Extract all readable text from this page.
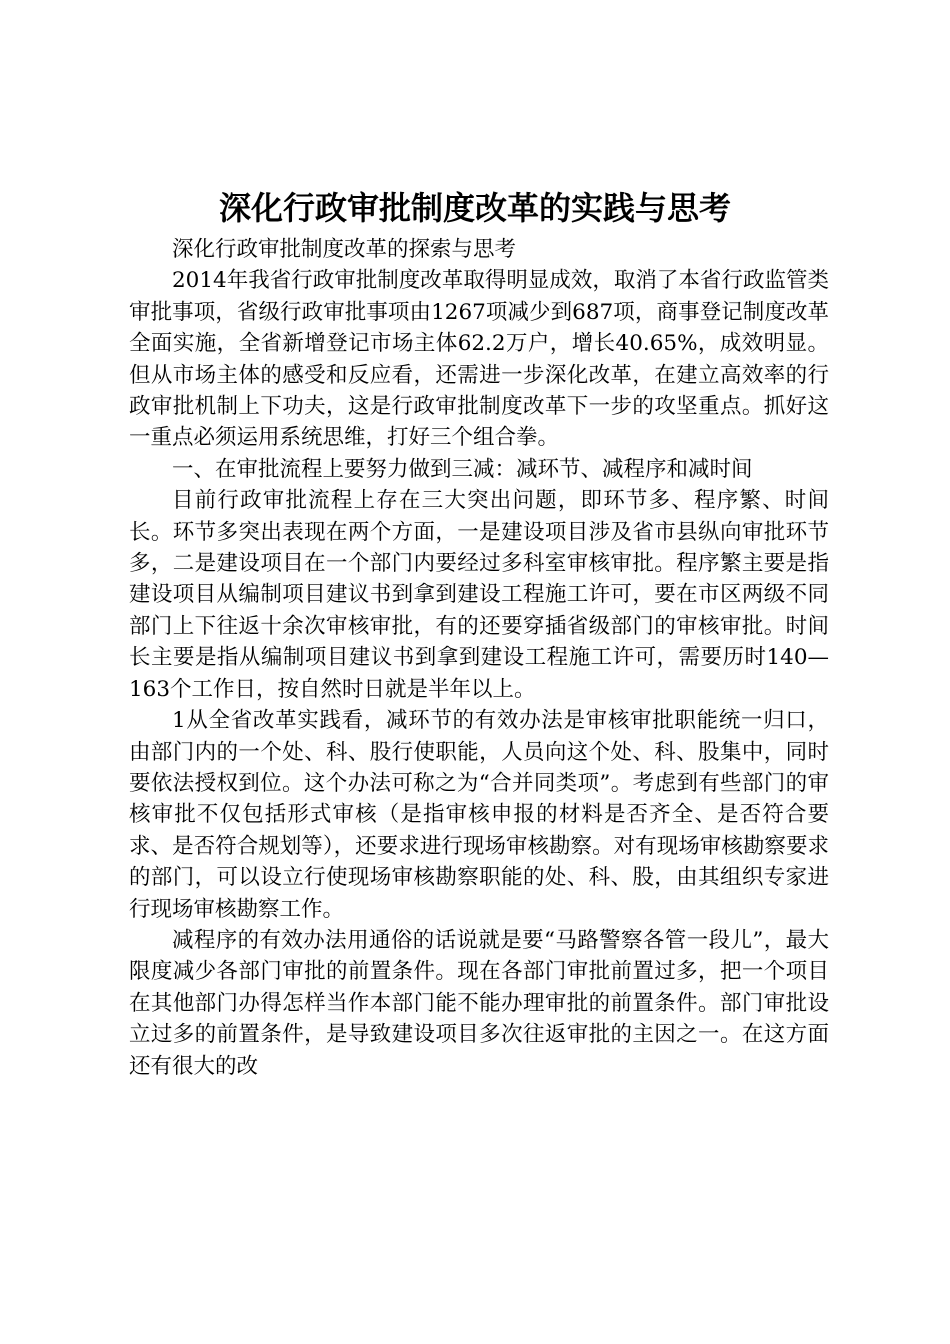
深化行政审批制度改革的实践与思考

深化行政审批制度改革的探索与思考

2014年我省行政审批制度改革取得明显成效，取消了本省行政监管类审批事项，省级行政审批事项由1267项减少到687项，商事登记制度改革全面实施，全省新增登记市场主体62.2万户，增长40.65%，成效明显。但从市场主体的感受和反应看，还需进一步深化改革，在建立高效率的行政审批机制上下功夫，这是行政审批制度改革下一步的攻坚重点。抓好这一重点必须运用系统思维，打好三个组合拳。

一、在审批流程上要努力做到三减：减环节、减程序和减时间

目前行政审批流程上存在三大突出问题，即环节多、程序繁、时间长。环节多突出表现在两个方面，一是建设项目涉及省市县纵向审批环节多，二是建设项目在一个部门内要经过多科室审核审批。程序繁主要是指建设项目从编制项目建议书到拿到建设工程施工许可，要在市区两级不同部门上下往返十余次审核审批，有的还要穿插省级部门的审核审批。时间长主要是指从编制项目建议书到拿到建设工程施工许可，需要历时140—163个工作日，按自然时日就是半年以上。

1从全省改革实践看，减环节的有效办法是审核审批职能统一归口，由部门内的一个处、科、股行使职能，人员向这个处、科、股集中，同时要依法授权到位。这个办法可称之为“合并同类项”。考虑到有些部门的审核审批不仅包括形式审核（是指审核申报的材料是否齐全、是否符合要求、是否符合规划等），还要求进行现场审核勘察。对有现场审核勘察要求的部门，可以设立行使现场审核勘察职能的处、科、股，由其组织专家进行现场审核勘察工作。

减程序的有效办法用通俗的话说就是要“马路警察各管一段儿”，最大限度减少各部门审批的前置条件。现在各部门审批前置过多，把一个项目在其他部门办得怎样当作本部门能不能办理审批的前置条件。部门审批设立过多的前置条件，是导致建设项目多次往返审批的主因之一。在这方面还有很大的改
